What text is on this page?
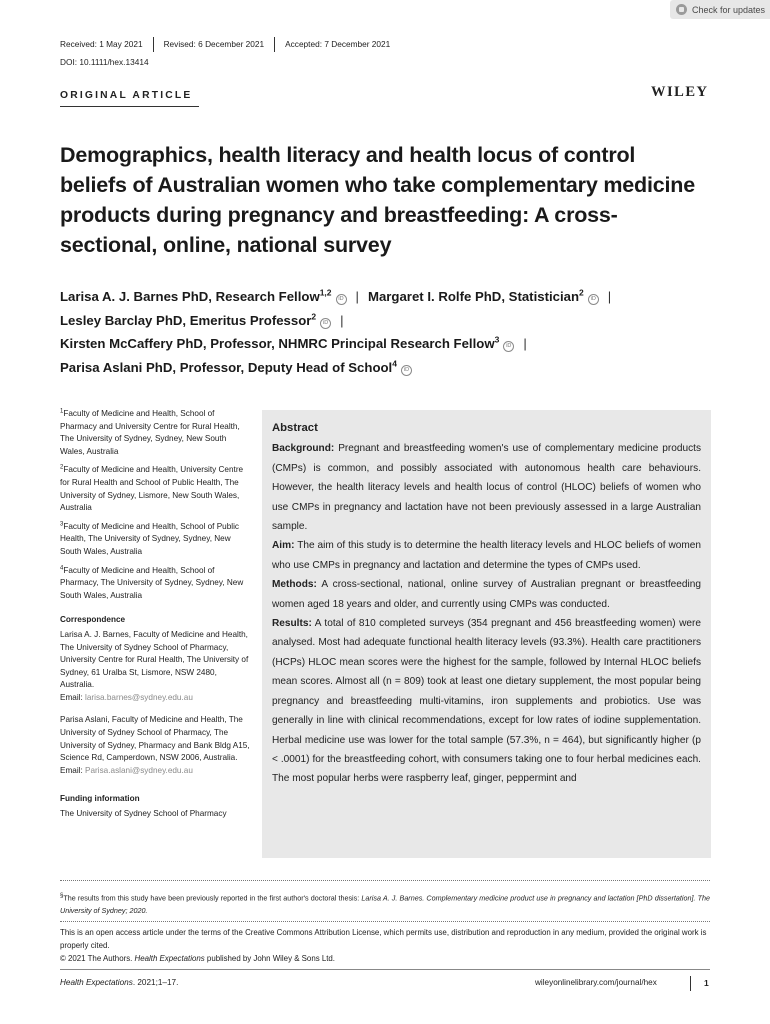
Check for updates
Received: 1 May 2021	Revised: 6 December 2021	Accepted: 7 December 2021
DOI: 10.1111/hex.13414
ORIGINAL ARTICLE	WILEY
Demographics, health literacy and health locus of control beliefs of Australian women who take complementary medicine products during pregnancy and breastfeeding: A cross-sectional, online, national survey
Larisa A. J. Barnes PhD, Research Fellow$^{1,2}$iD | Margaret I. Rolfe PhD, Statistician$^2$iD |
Lesley Barclay PhD, Emeritus Professor$^2$iD |
Kirsten McCaffery PhD, Professor, NHMRC Principal Research Fellow$^3$iD |
Parisa Aslani PhD, Professor, Deputy Head of School$^4$iD

$^1$Faculty of Medicine and Health, School of Pharmacy and University Centre for Rural Health, The University of Sydney, Sydney, New South Wales, Australia

$^2$Faculty of Medicine and Health, University Centre for Rural Health and School of Public Health, The University of Sydney, Lismore, New South Wales, Australia

$^3$Faculty of Medicine and Health, School of Public Health, The University of Sydney, Sydney, New South Wales, Australia

$^4$Faculty of Medicine and Health, School of Pharmacy, The University of Sydney, Sydney, New South Wales, Australia

Correspondence

Larisa A. J. Barnes, Faculty of Medicine and Health, The University of Sydney School of Pharmacy, University Centre for Rural Health, The University of Sydney, 61 Uralba St, Lismore, NSW 2480, Australia.
Email: larisa.barnes@sydney.edu.au

Parisa Aslani, Faculty of Medicine and Health, The University of Sydney School of Pharmacy, The University of Sydney, Pharmacy and Bank Bldg A15, Science Rd, Camperdown, NSW 2006, Australia.
Email: Parisa.aslani@sydney.edu.au

Funding information

The University of Sydney School of Pharmacy

Abstract

Background: Pregnant and breastfeeding women's use of complementary medicine products (CMPs) is common, and possibly associated with autonomous health care behaviours. However, the health literacy levels and health locus of control (HLOC) beliefs of women who use CMPs in pregnancy and lactation have not been previously assessed in a large Australian sample.

Aim: The aim of this study is to determine the health literacy levels and HLOC beliefs of women who use CMPs in pregnancy and lactation and determine the types of CMPs used.

Methods: A cross-sectional, national, online survey of Australian pregnant or breastfeeding women aged 18 years and older, and currently using CMPs was conducted.

Results: A total of 810 completed surveys (354 pregnant and 456 breastfeeding women) were analysed. Most had adequate functional health literacy levels (93.3%). Health care practitioners (HCPs) HLOC mean scores were the highest for the sample, followed by Internal HLOC beliefs mean scores. Almost all (n = 809) took at least one dietary supplement, the most popular being pregnancy and breastfeeding multi-vitamins, iron supplements and probiotics. Use was generally in line with clinical recommendations, except for low rates of iodine supplementation. Herbal medicine use was lower for the total sample (57.3%, n = 464), but significantly higher (p < .0001) for the breastfeeding cohort, with consumers taking one to four herbal medicines each. The most popular herbs were raspberry leaf, ginger, peppermint and

§The results from this study have been previously reported in the first author's doctoral thesis: Larisa A. J. Barnes. Complementary medicine product use in pregnancy and lactation [PhD dissertation]. The University of Sydney; 2020.

This is an open access article under the terms of the Creative Commons Attribution License, which permits use, distribution and reproduction in any medium, provided the original work is properly cited.

© 2021 The Authors. Health Expectations published by John Wiley & Sons Ltd.

Health Expectations. 2021;1–17.	wileyonlinelibrary.com/journal/hex	1
